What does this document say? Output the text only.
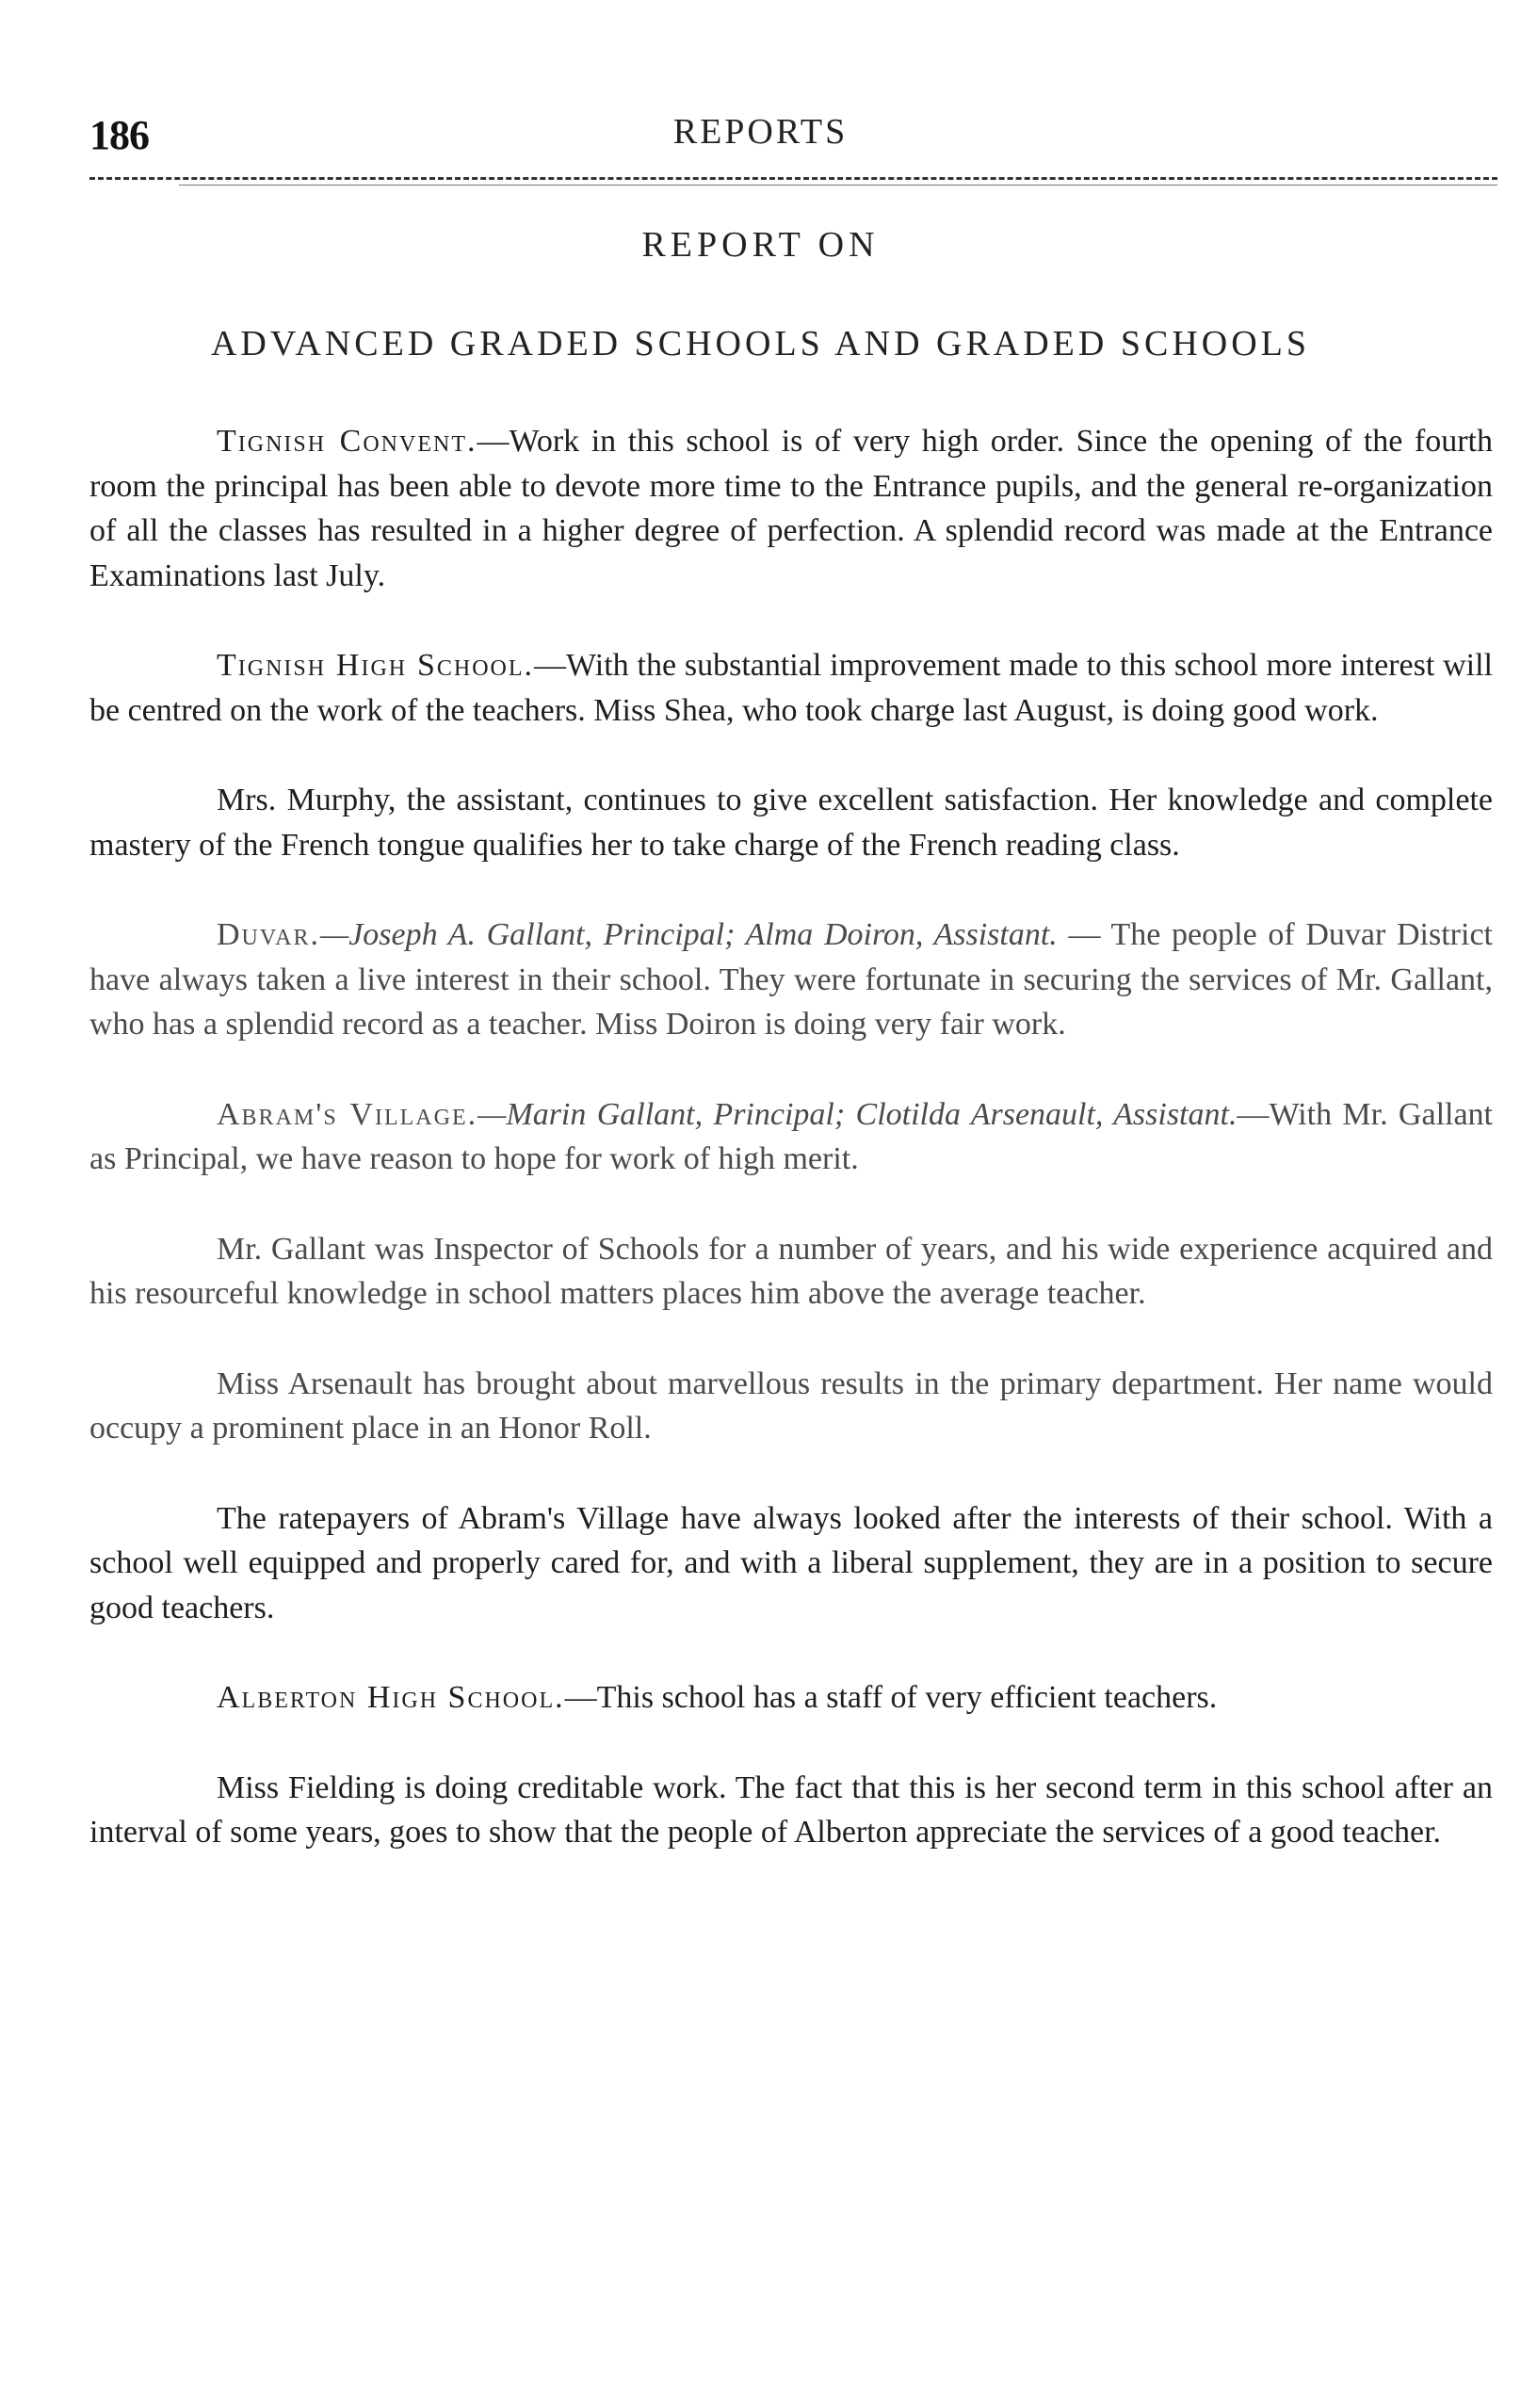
186	REPORTS
REPORT ON
ADVANCED GRADED SCHOOLS AND GRADED SCHOOLS

Tignish Convent.—Work in this school is of very high order. Since the opening of the fourth room the principal has been able to devote more time to the Entrance pupils, and the general re-organization of all the classes has resulted in a higher degree of perfection. A splendid record was made at the Entrance Examinations last July.

Tignish High School.—With the substantial improvement made to this school more interest will be centred on the work of the teachers. Miss Shea, who took charge last August, is doing good work.

Mrs. Murphy, the assistant, continues to give excellent satisfaction. Her knowledge and complete mastery of the French tongue qualifies her to take charge of the French reading class.

Duvar.—Joseph A. Gallant, Principal; Alma Doiron, Assistant. — The people of Duvar District have always taken a live interest in their school. They were fortunate in securing the services of Mr. Gallant, who has a splendid record as a teacher. Miss Doiron is doing very fair work.

Abram's Village.—Marin Gallant, Principal; Clotilda Arsenault, Assistant.—With Mr. Gallant as Principal, we have reason to hope for work of high merit.

Mr. Gallant was Inspector of Schools for a number of years, and his wide experience acquired and his resourceful knowledge in school matters places him above the average teacher.

Miss Arsenault has brought about marvellous results in the primary department. Her name would occupy a prominent place in an Honor Roll.

The ratepayers of Abram's Village have always looked after the interests of their school. With a school well equipped and properly cared for, and with a liberal supplement, they are in a position to secure good teachers.

Alberton High School.—This school has a staff of very efficient teachers.

Miss Fielding is doing creditable work. The fact that this is her second term in this school after an interval of some years, goes to show that the people of Alberton appreciate the services of a good teacher.
